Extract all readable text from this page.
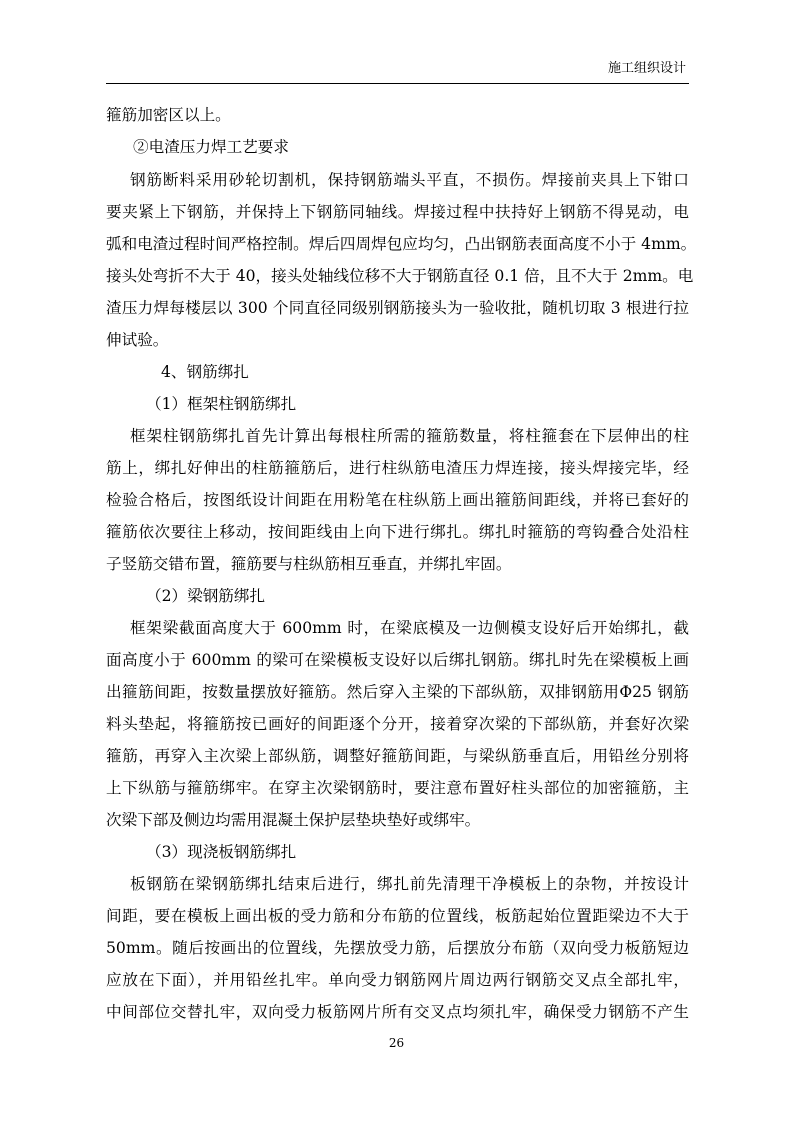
施工组织设计
箍筋加密区以上。
②电渣压力焊工艺要求
钢筋断料采用砂轮切割机，保持钢筋端头平直，不损伤。焊接前夹具上下钳口
要夹紧上下钢筋，并保持上下钢筋同轴线。焊接过程中扶持好上钢筋不得晃动，电
弧和电渣过程时间严格控制。焊后四周焊包应均匀，凸出钢筋表面高度不小于 4mm。
接头处弯折不大于 40，接头处轴线位移不大于钢筋直径 0.1 倍，且不大于 2mm。电
渣压力焊每楼层以 300 个同直径同级别钢筋接头为一验收批，随机切取 3 根进行拉
伸试验。
4、钢筋绑扎
（1）框架柱钢筋绑扎
框架柱钢筋绑扎首先计算出每根柱所需的箍筋数量，将柱箍套在下层伸出的柱
筋上，绑扎好伸出的柱筋箍筋后，进行柱纵筋电渣压力焊连接，接头焊接完毕，经
检验合格后，按图纸设计间距在用粉笔在柱纵筋上画出箍筋间距线，并将已套好的
箍筋依次要往上移动，按间距线由上向下进行绑扎。绑扎时箍筋的弯钩叠合处沿柱
子竖筋交错布置，箍筋要与柱纵筋相互垂直，并绑扎牢固。
（2）梁钢筋绑扎
框架梁截面高度大于 600mm 时，在梁底模及一边侧模支设好后开始绑扎，截
面高度小于 600mm 的梁可在梁模板支设好以后绑扎钢筋。绑扎时先在梁模板上画
出箍筋间距，按数量摆放好箍筋。然后穿入主梁的下部纵筋，双排钢筋用Φ25 钢筋
料头垫起，将箍筋按已画好的间距逐个分开，接着穿次梁的下部纵筋，并套好次梁
箍筋，再穿入主次梁上部纵筋，调整好箍筋间距，与梁纵筋垂直后，用铅丝分别将
上下纵筋与箍筋绑牢。在穿主次梁钢筋时，要注意布置好柱头部位的加密箍筋，主
次梁下部及侧边均需用混凝土保护层垫块垫好或绑牢。
（3）现浇板钢筋绑扎
板钢筋在梁钢筋绑扎结束后进行，绑扎前先清理干净模板上的杂物，并按设计
间距，要在模板上画出板的受力筋和分布筋的位置线，板筋起始位置距梁边不大于
50mm。随后按画出的位置线，先摆放受力筋，后摆放分布筋（双向受力板筋短边
应放在下面），并用铅丝扎牢。单向受力钢筋网片周边两行钢筋交叉点全部扎牢，
中间部位交替扎牢，双向受力板筋网片所有交叉点均须扎牢，确保受力钢筋不产生
26
